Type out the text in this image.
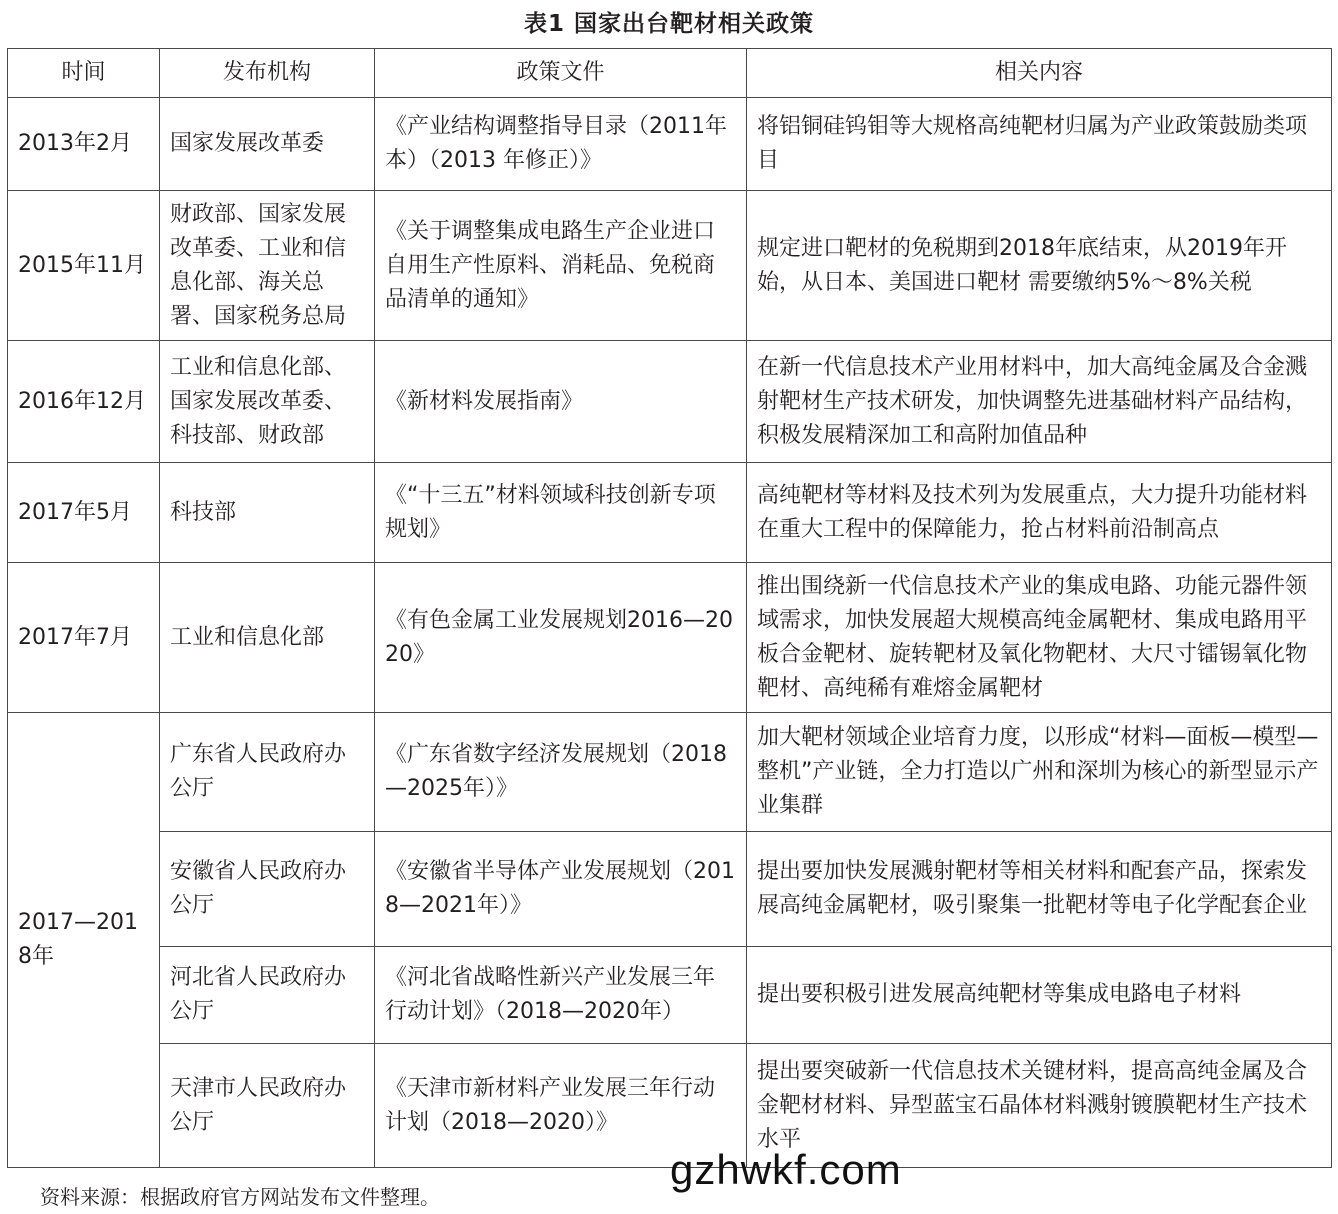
表1 国家出台靶材相关政策
时间	发布机构	政策文件	相关内容
2013年2月	国家发展改革委	《产业结构调整指导目录（2011年本）（2013 年修正）》	将铝铜硅钨钼等大规格高纯靶材归属为产业政策鼓励类项目
2015年11月	财政部、国家发展改革委、工业和信息化部、海关总署、国家税务总局	《关于调整集成电路生产企业进口自用生产性原料、消耗品、免税商品清单的通知》	规定进口靶材的免税期到2018年底结束，从2019年开始，从日本、美国进口靶材 需要缴纳5%～8%关税
2016年12月	工业和信息化部、国家发展改革委、科技部、财政部	《新材料发展指南》	在新一代信息技术产业用材料中，加大高纯金属及合金溅射靶材生产技术研发，加快调整先进基础材料产品结构，积极发展精深加工和高附加值品种
2017年5月	科技部	《“十三五”材料领域科技创新专项规划》	高纯靶材等材料及技术列为发展重点，大力提升功能材料在重大工程中的保障能力，抢占材料前沿制高点
2017年7月	工业和信息化部	《有色金属工业发展规划2016—2020》	推出围绕新一代信息技术产业的集成电路、功能元器件领域需求，加快发展超大规模高纯金属靶材、集成电路用平板合金靶材、旋转靶材及氧化物靶材、大尺寸镭锡氧化物靶材、高纯稀有难熔金属靶材
2017—2018年	广东省人民政府办公厅	《广东省数字经济发展规划（2018—2025年）》	加大靶材领域企业培育力度，以形成“材料—面板—模型—整机”产业链，全力打造以广州和深圳为核心的新型显示产业集群
	安徽省人民政府办公厅	《安徽省半导体产业发展规划（2018—2021年）》	提出要加快发展溅射靶材等相关材料和配套产品，探索发展高纯金属靶材，吸引聚集一批靶材等电子化学配套企业
	河北省人民政府办公厅	《河北省战略性新兴产业发展三年行动计划》（2018—2020年）	提出要积极引进发展高纯靶材等集成电路电子材料
	天津市人民政府办公厅	《天津市新材料产业发展三年行动计划（2018—2020）》	提出要突破新一代信息技术关键材料，提高高纯金属及合金靶材材料、异型蓝宝石晶体材料溅射镀膜靶材生产技术水平
资料来源：根据政府官方网站发布文件整理。
gzhwkf.com
